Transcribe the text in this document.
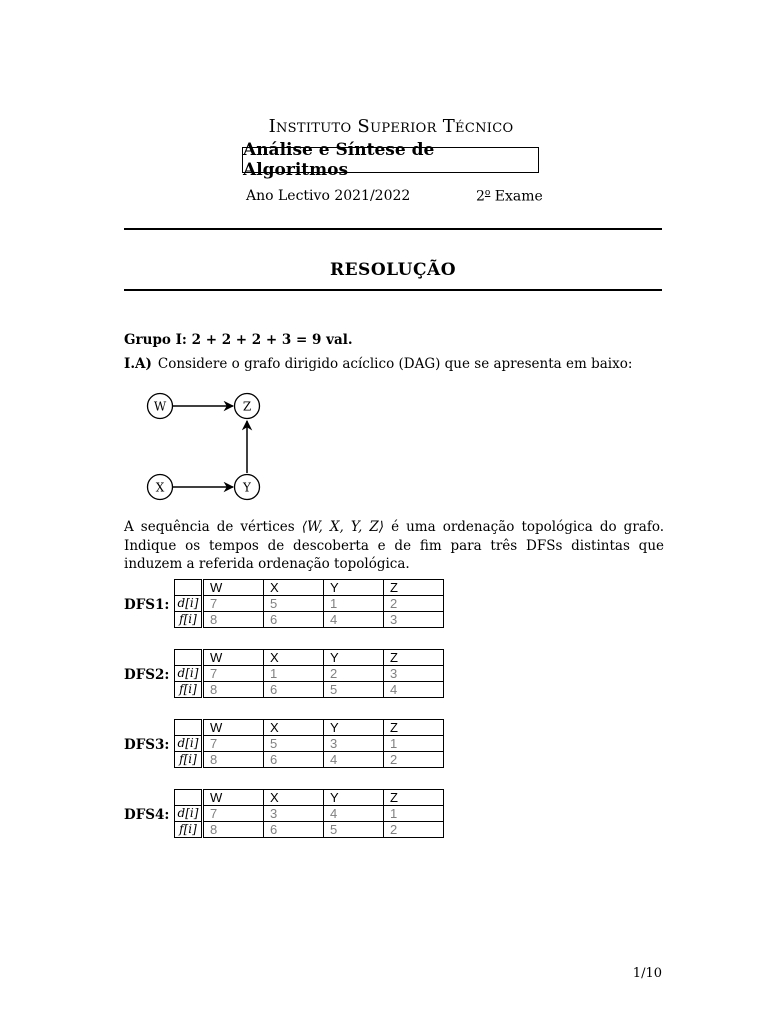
Instituto Superior Técnico
Análise e Síntese de Algoritmos
Ano Lectivo 2021/2022	2$^o$ Exame
RESOLUÇÃO
Grupo I: 2 + 2 + 2 + 3 = 9 val.
I.A) Considere o grafo dirigido acíclico (DAG) que se apresenta em baixo:
W	Z
X	Y
A sequência de vértices ⟨W, X, Y, Z⟩ é uma ordenação topológica do grafo. Indique os tempos de descoberta e de fim para três DFSs distintas que induzem a referida ordenação topológica.
DFS1:
	W	X	Y	Z
d[i]	7	5	1	2
f[i]	8	6	4	3
DFS2:
	W	X	Y	Z
d[i]	7	1	2	3
f[i]	8	6	5	4
DFS3:
	W	X	Y	Z
d[i]	7	5	3	1
f[i]	8	6	4	2
DFS4:
	W	X	Y	Z
d[i]	7	3	4	1
f[i]	8	6	5	2
1/10
